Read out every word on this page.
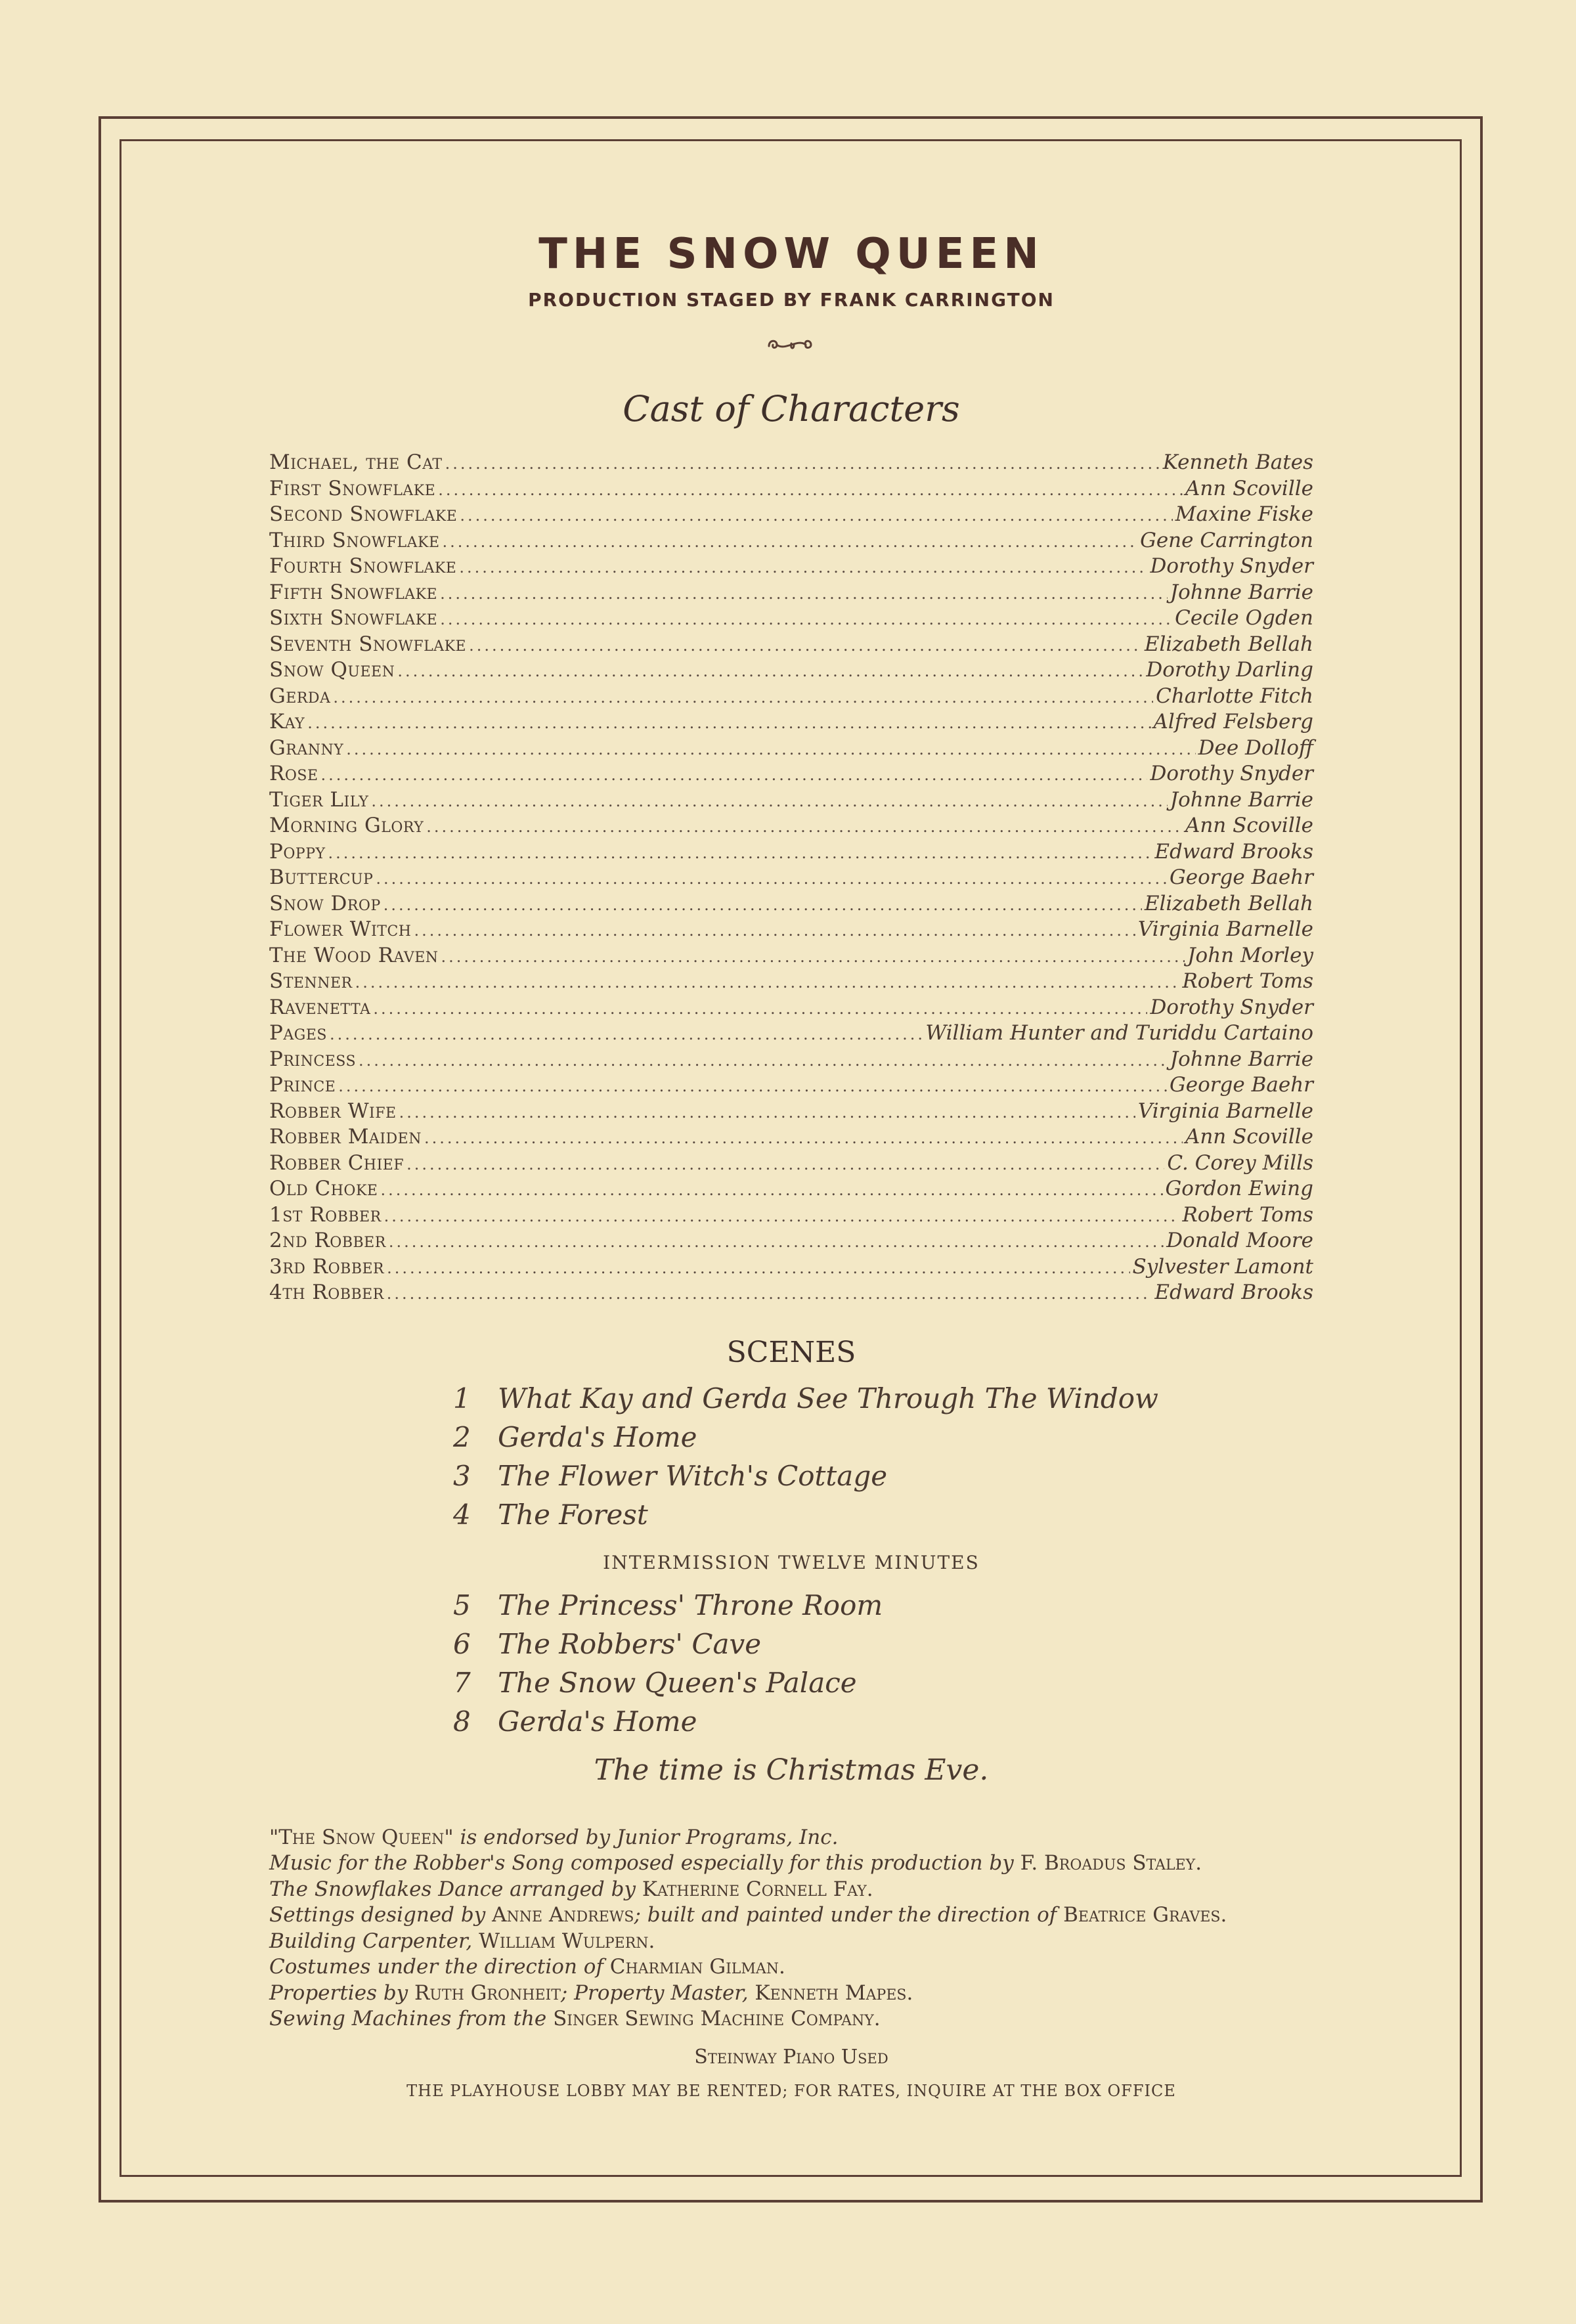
THE SNOW QUEEN
PRODUCTION STAGED BY FRANK CARRINGTON
Cast of Characters
Michael, the Cat .....	Kenneth Bates
First Snowflake .....	Ann Scoville
Second Snowflake .....	Maxine Fiske
Third Snowflake .....	Gene Carrington
Fourth Snowflake .....	Dorothy Snyder
Fifth Snowflake .....	Johnne Barrie
Sixth Snowflake .....	Cecile Ogden
Seventh Snowflake .....	Elizabeth Bellah
Snow Queen .....	Dorothy Darling
Gerda .....	Charlotte Fitch
Kay .....	Alfred Felsberg
Granny .....	Dee Dolloff
Rose .....	Dorothy Snyder
Tiger Lily .....	Johnne Barrie
Morning Glory .....	Ann Scoville
Poppy .....	Edward Brooks
Buttercup .....	George Baehr
Snow Drop .....	Elizabeth Bellah
Flower Witch .....	Virginia Barnelle
The Wood Raven .....	John Morley
Stenner .....	Robert Toms
Ravenetta .....	Dorothy Snyder
Pages .....	William Hunter and Turiddu Cartaino
Princess .....	Johnne Barrie
Prince .....	George Baehr
Robber Wife .....	Virginia Barnelle
Robber Maiden .....	Ann Scoville
Robber Chief .....	C. Corey Mills
Old Choke .....	Gordon Ewing
1st Robber .....	Robert Toms
2nd Robber .....	Donald Moore
3rd Robber .....	Sylvester Lamont
4th Robber .....	Edward Brooks
SCENES
1 What Kay and Gerda See Through The Window
2 Gerda's Home
3 The Flower Witch's Cottage
4 The Forest
INTERMISSION TWELVE MINUTES
5 The Princess' Throne Room
6 The Robbers' Cave
7 The Snow Queen's Palace
8 Gerda's Home
The time is Christmas Eve.
"The Snow Queen" is endorsed by Junior Programs, Inc.
Music for the Robber's Song composed especially for this production by F. Broadus Staley.
The Snowflakes Dance arranged by Katherine Cornell Fay.
Settings designed by Anne Andrews; built and painted under the direction of Beatrice Graves.
Building Carpenter, William Wulpern.
Costumes under the direction of Charmian Gilman.
Properties by Ruth Gronheit; Property Master, Kenneth Mapes.
Sewing Machines from the Singer Sewing Machine Company.
Steinway Piano Used
THE PLAYHOUSE LOBBY MAY BE RENTED; FOR RATES, INQUIRE AT THE BOX OFFICE
